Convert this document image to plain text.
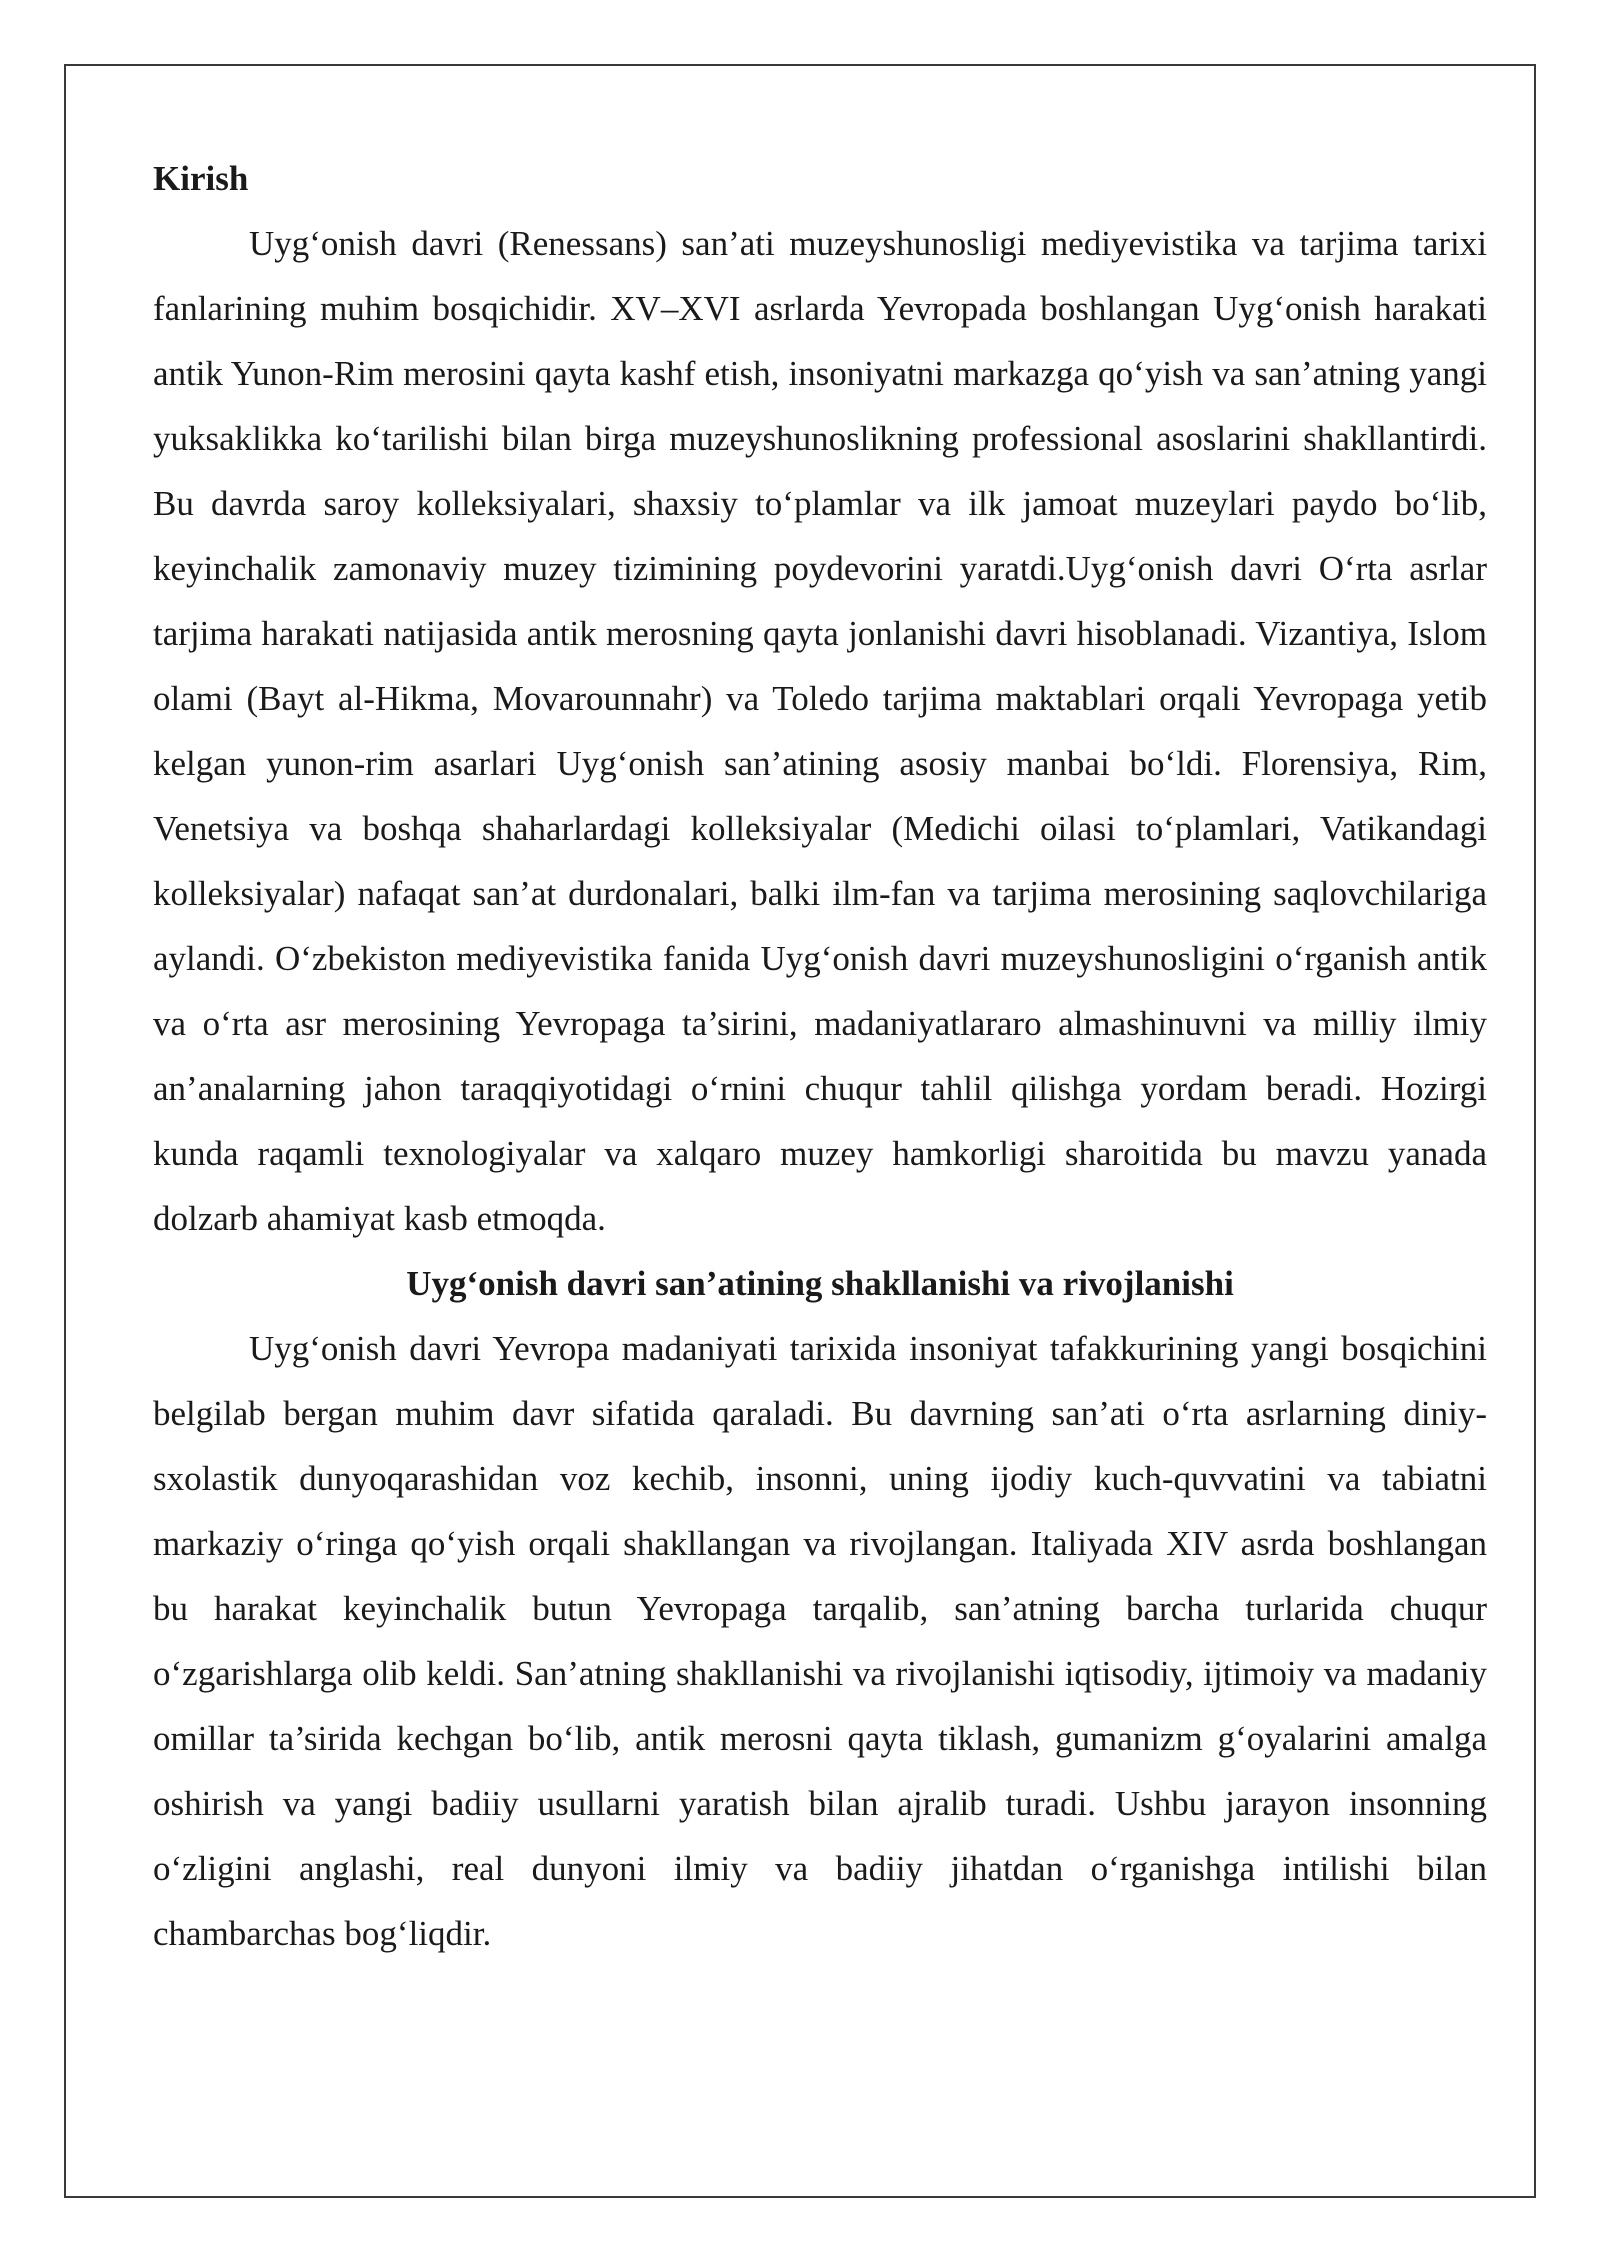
Kirish

Uyg‘onish davri (Renessans) san’ati muzeyshunosligi mediyevistika va tarjima tarixi fanlarining muhim bosqichidir. XV–XVI asrlarda Yevropada boshlangan Uyg‘onish harakati antik Yunon-Rim merosini qayta kashf etish, insoniyatni markazga qo‘yish va san’atning yangi yuksaklikka ko‘tarilishi bilan birga muzeyshunoslikning professional asoslarini shakllantirdi. Bu davrda saroy kolleksiyalari, shaxsiy to‘plamlar va ilk jamoat muzeylari paydo bo‘lib, keyinchalik zamonaviy muzey tizimining poydevorini yaratdi.Uyg‘onish davri O‘rta asrlar tarjima harakati natijasida antik merosning qayta jonlanishi davri hisoblanadi. Vizantiya, Islom olami (Bayt al-Hikma, Movarounnahr) va Toledo tarjima maktablari orqali Yevropaga yetib kelgan yunon-rim asarlari Uyg‘onish san’atining asosiy manbai bo‘ldi. Florensiya, Rim, Venetsiya va boshqa shaharlardagi kolleksiyalar (Medichi oilasi to‘plamlari, Vatikandagi kolleksiyalar) nafaqat san’at durdonalari, balki ilm-fan va tarjima merosining saqlovchilariga aylandi. O‘zbekiston mediyevistika fanida Uyg‘onish davri muzeyshunosligini o‘rganish antik va o‘rta asr merosining Yevropaga ta’sirini, madaniyatlararo almashinuvni va milliy ilmiy an’analarning jahon taraqqiyotidagi o‘rnini chuqur tahlil qilishga yordam beradi. Hozirgi kunda raqamli texnologiyalar va xalqaro muzey hamkorligi sharoitida bu mavzu yanada dolzarb ahamiyat kasb etmoqda.

Uyg‘onish davri san’atining shakllanishi va rivojlanishi

Uyg‘onish davri Yevropa madaniyati tarixida insoniyat tafakkurining yangi bosqichini belgilab bergan muhim davr sifatida qaraladi. Bu davrning san’ati o‘rta asrlarning diniy-sxolastik dunyoqarashidan voz kechib, insonni, uning ijodiy kuch-quvvatini va tabiatni markaziy o‘ringa qo‘yish orqali shakllangan va rivojlangan. Italiyada XIV asrda boshlangan bu harakat keyinchalik butun Yevropaga tarqalib, san’atning barcha turlarida chuqur o‘zgarishlarga olib keldi. San’atning shakllanishi va rivojlanishi iqtisodiy, ijtimoiy va madaniy omillar ta’sirida kechgan bo‘lib, antik merosni qayta tiklash, gumanizm g‘oyalarini amalga oshirish va yangi badiiy usullarni yaratish bilan ajralib turadi. Ushbu jarayon insonning o‘zligini anglashi, real dunyoni ilmiy va badiiy jihatdan o‘rganishga intilishi bilan chambarchas bog‘liqdir.
